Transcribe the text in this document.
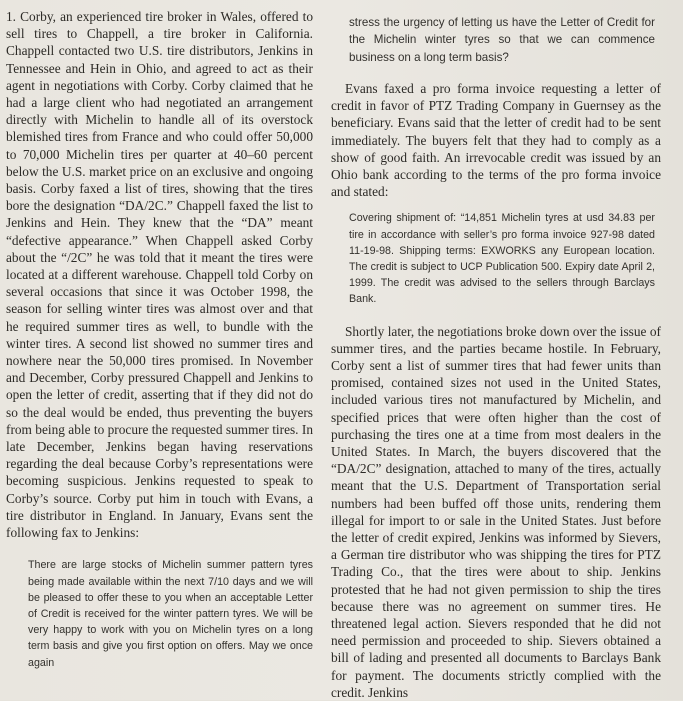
1. Corby, an experienced tire broker in Wales, offered to sell tires to Chappell, a tire broker in California. Chappell contacted two U.S. tire distributors, Jenkins in Tennessee and Hein in Ohio, and agreed to act as their agent in negotiations with Corby. Corby claimed that he had a large client who had negotiated an arrangement directly with Michelin to handle all of its overstock blemished tires from France and who could offer 50,000 to 70,000 Michelin tires per quarter at 40–60 percent below the U.S. market price on an exclusive and ongoing basis. Corby faxed a list of tires, showing that the tires bore the designation “DA/2C.” Chappell faxed the list to Jenkins and Hein. They knew that the “DA” meant “defective appearance.” When Chappell asked Corby about the “/2C” he was told that it meant the tires were located at a different warehouse. Chappell told Corby on several occasions that since it was October 1998, the season for selling winter tires was almost over and that he required summer tires as well, to bundle with the winter tires. A second list showed no summer tires and nowhere near the 50,000 tires promised. In November and December, Corby pressured Chappell and Jenkins to open the letter of credit, asserting that if they did not do so the deal would be ended, thus preventing the buyers from being able to procure the requested summer tires. In late December, Jenkins began having reservations regarding the deal because Corby’s representations were becoming suspicious. Jenkins requested to speak to Corby’s source. Corby put him in touch with Evans, a tire distributor in England. In January, Evans sent the following fax to Jenkins:

There are large stocks of Michelin summer pattern tyres being made available within the next 7/10 days and we will be pleased to offer these to you when an acceptable Letter of Credit is received for the winter pattern tyres. We will be very happy to work with you on Michelin tyres on a long term basis and give you first option on offers. May we once again
stress the urgency of letting us have the Letter of Credit for the Michelin winter tyres so that we can commence business on a long term basis?

Evans faxed a pro forma invoice requesting a letter of credit in favor of PTZ Trading Company in Guernsey as the beneficiary. Evans said that the letter of credit had to be sent immediately. The buyers felt that they had to comply as a show of good faith. An irrevocable credit was issued by an Ohio bank according to the terms of the pro forma invoice and stated:

Covering shipment of: “14,851 Michelin tyres at usd 34.83 per tire in accordance with seller’s pro forma invoice 927-98 dated 11-19-98. Shipping terms: EXWORKS any European location. The credit is subject to UCP Publication 500. Expiry date April 2, 1999. The credit was advised to the sellers through Barclays Bank.

Shortly later, the negotiations broke down over the issue of summer tires, and the parties became hostile. In February, Corby sent a list of summer tires that had fewer units than promised, contained sizes not used in the United States, included various tires not manufactured by Michelin, and specified prices that were often higher than the cost of purchasing the tires one at a time from most dealers in the United States. In March, the buyers discovered that the “DA/2C” designation, attached to many of the tires, actually meant that the U.S. Department of Transportation serial numbers had been buffed off those units, rendering them illegal for import to or sale in the United States. Just before the letter of credit expired, Jenkins was informed by Sievers, a German tire distributor who was shipping the tires for PTZ Trading Co., that the tires were about to ship. Jenkins protested that he had not given permission to ship the tires because there was no agreement on summer tires. He threatened legal action. Sievers responded that he did not need permission and proceeded to ship. Sievers obtained a bill of lading and presented all documents to Barclays Bank for payment. The documents strictly complied with the credit. Jenkins
